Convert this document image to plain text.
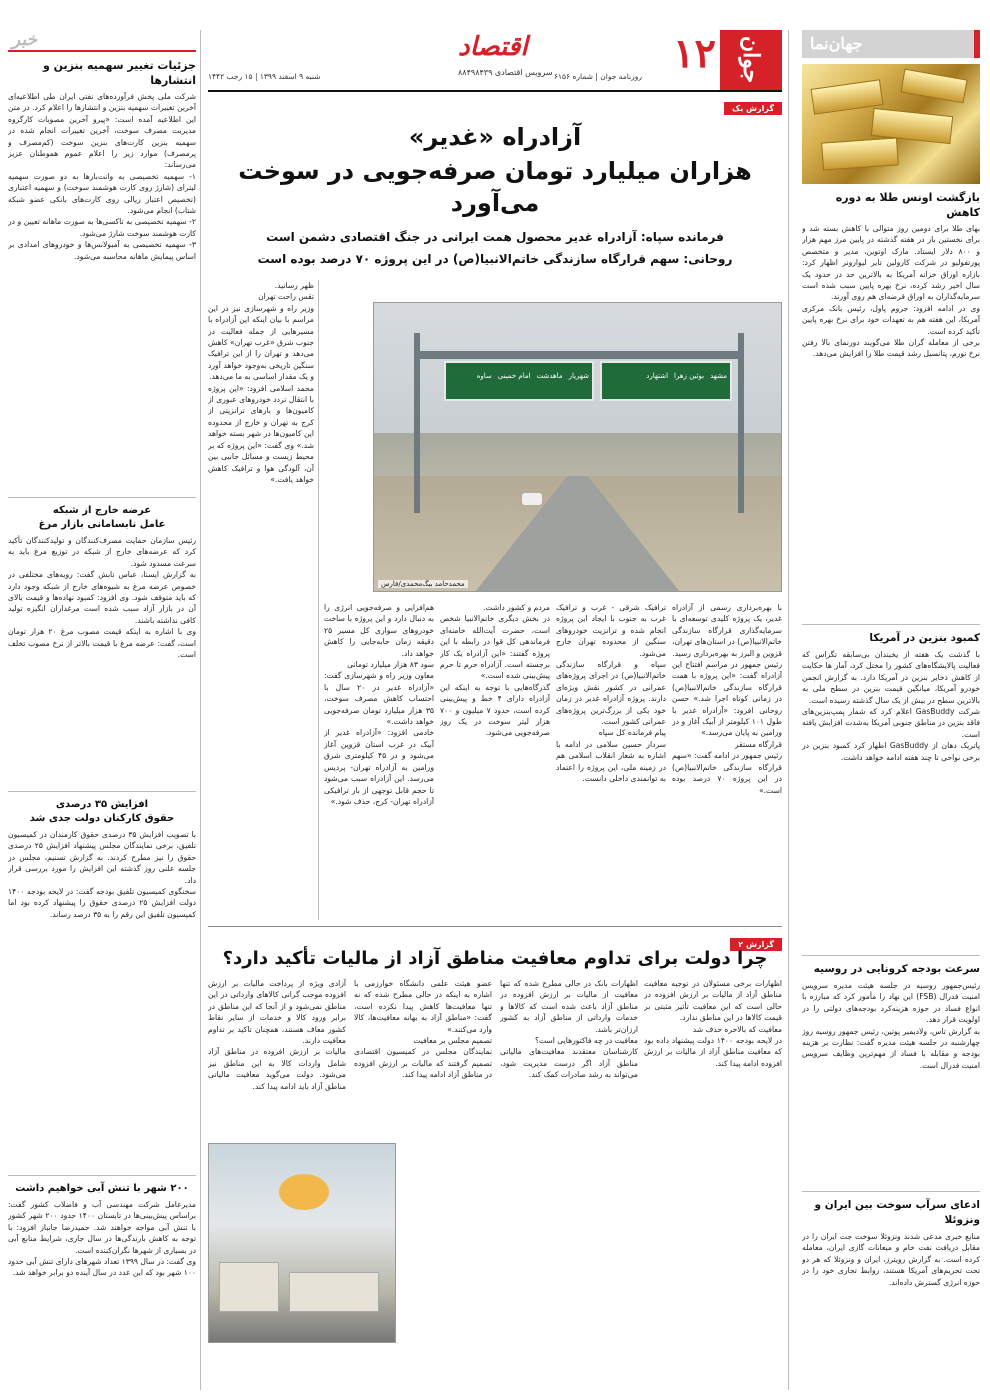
جهان‌نما
بازگشت اونس طلا به دوره کاهش
بهای طلا برای دومین روز متوالی با کاهش بسته شد و برای نخستین بار در هفته گذشته در پایین مرز مهم هزار و ۸۰۰ دلار ایستاد. مارک اوتوین، مدیر و متخصص پورتفولیو در شرکت کارولین تایر لیوارونر اظهار کرد: بازاره اوراق خزانه آمریکا به بالاترین حد در حدود یک سال اخیر رشد کرده، نرخ بهره پایین سبب شده است سرمایه‌گذاران به اوراق قرضه‌ای هم روی آورند.
وی در ادامه افزود: جروم پاول، رئیس بانک مرکزی آمریکا، این هفته هم به تعهدات خود برای نرخ بهره پایین تأکید کرده است.
برخی از معامله گران طلا می‌گویند دورنمای بالا رفتن نرخ تورم، پتانسیل رشد قیمت طلا را افزایش می‌دهد.
کمبود بنزین در آمریکا
با گذشت یک هفته از یخبندان بی‌سابقه تگزاس که فعالیت پالایشگاه‌های کشور را مختل کرد، آمار ها حکایت از کاهش ذخایر بنزین در آمریکا دارد. به گزارش انجمن خودرو آمریکا، میانگین قیمت بنزین در سطح ملی به بالاترین سطح در بیش از یک سال گذشته رسیده است.
شرکت GasBuddy اعلام کرد که شمار پمپ‌بنزین‌های فاقد بنزین در مناطق جنوبی آمریکا به‌شدت افزایش یافته است.
پاتریک دهان از GasBuddy اظهار کرد کمبود بنزین در برخی نواحی تا چند هفته ادامه خواهد داشت.
سرعت بودجه کرونایی در روسیه
رئیس‌جمهور روسیه در جلسه هیئت مدیره سرویس امنیت فدرال (FSB) این نهاد را مأمور کرد که مبارزه با انواع فساد در حوزه هزینه‌کرد بودجه‌های دولتی را در اولویت قرار دهد.
به گزارش تاس، ولادیمیر پوتین، رئیس جمهور روسیه روز چهارشنبه در جلسه هیئت مدیره گفت: نظارت بر هزینه بودجه و مقابله با فساد از مهم‌ترین وظایف سرویس امنیت فدرال است.
ادعای سرآب سوخت بین ایران و ونزوئلا
منابع خبری مدعی شدند ونزوئلا سوخت جت ایران را در مقابل دریافت نفت خام و میعانات گازی ایران، معامله کرده است. به گزارش رویترز، ایران و ونزوئلا که هر دو تحت تحریم‌های آمریکا هستند، روابط تجاری خود را در حوزه انرژی گسترش داده‌اند.
خبر
جزئیات تغییر سهمیه بنزین و انتشارها
شرکت ملی پخش فرآورده‌های نفتی ایران طی اطلاعیه‌ای آخرین تغییرات سهمیه بنزین و انتشارها را اعلام کرد. در متن این اطلاعیه آمده است: «پیرو آخرین مصوبات کارگروه مدیریت مصرف سوخت، آخرین تغییرات انجام شده در سهمیه بنزین کارت‌های بنزین سوخت (کم‌مصرف و پرمصرف) موارد زیر را اعلام عموم هموطنان عزیز می‌رساند:
۱- سهمیه تخصیصی به وانت‌بارها به دو صورت سهمیه لیترای (شارژ روی کارت هوشمند سوخت) و سهمیه اعتباری (تخصیص اعتبار ریالی روی کارت‌های بانکی عضو شبکه شتاب) انجام می‌شود.
۲- سهمیه تخصیصی به تاکسی‌ها به صورت ماهانه تعیین و در کارت هوشمند سوخت شارژ می‌شود.
۳- سهمیه تخصیصی به آمبولانس‌ها و خودروهای امدادی بر اساس پیمایش ماهانه محاسبه می‌شود.
عرضه خارج از شبکه
عامل نابسامانی بازار مرغ
رئیس سازمان حمایت مصرف‌کنندگان و تولیدکنندگان تأکید کرد که عرضه‌های خارج از شبکه در توزیع مرغ باید به سرعت مسدود شود.
به گزارش ایسنا، عباس تابش گفت: رویه‌های مختلفی در خصوص عرضه مرغ به شیوه‌های خارج از شبکه وجود دارد که باید متوقف شود. وی افزود: کمبود نهاده‌ها و قیمت بالای آن در بازار آزاد سبب شده است مرغداران انگیزه تولید کافی نداشته باشند.
وی با اشاره به اینکه قیمت مصوب مرغ ۲۰ هزار تومان است، گفت: عرضه مرغ با قیمت بالاتر از نرخ مصوب تخلف است.
افزایش ۳۵ درصدی
حقوق کارکنان دولت جدی شد
با تصویب افزایش ۳۵ درصدی حقوق کارمندان در کمیسیون تلفیق، برخی نمایندگان مجلس پیشنهاد افزایش ۲۵ درصدی حقوق را نیز مطرح کردند. به گزارش تسنیم، مجلس در جلسه علنی روز گذشته این افزایش را مورد بررسی قرار داد.
سخنگوی کمیسیون تلفیق بودجه گفت: در لایحه بودجه ۱۴۰۰ دولت افزایش ۲۵ درصدی حقوق را پیشنهاد کرده بود اما کمیسیون تلفیق این رقم را به ۳۵ درصد رساند.
۲۰۰ شهر با تنش آبی خواهیم داشت
مدیرعامل شرکت مهندسی آب و فاضلاب کشور گفت: براساس پیش‌بینی‌ها در تابستان ۱۴۰۰ حدود ۲۰۰ شهر کشور با تنش آبی مواجه خواهند شد. حمیدرضا جانباز افزود: با توجه به کاهش بارندگی‌ها در سال جاری، شرایط منابع آبی در بسیاری از شهرها نگران‌کننده است.
وی گفت: در سال ۱۳۹۹ تعداد شهرهای دارای تنش آبی حدود ۱۰۰ شهر بود که این عدد در سال آینده دو برابر خواهد شد.
جوان
۱۲
اقتصاد
سرویس اقتصادی ۸۸۴۹۸۴۳۹ روزنامه جوان | شماره ۶۱۵۶
شنبه ۹ اسفند ۱۳۹۹ | ۱۵ رجب ۱۴۴۲
گزارش یک
آزادراه «غدیر»
هزاران میلیارد تومان صرفه‌جویی در سوخت می‌آورد
فرمانده سپاه: آزادراه غدیر محصول همت ایرانی در جنگ اقتصادی دشمن است
روحانی: سهم قرارگاه سازندگی خاتم‌الانبیا(ص) در این پروژه ۷۰ درصد بوده است
ظهر رسانید.
تقس راحت تهران
وزیر راه و شهرسازی نیز در این مراسم با بیان اینکه این آزادراه با مسیرهایی از جمله فعالیت در جنوب شرق «غرب تهران» کاهش می‌دهد و تهران را از این ترافیک سنگین تاریخی به‌وجود خواهد آورد و یک مقدار اساسی به ما می‌دهد.
محمد اسلامی افزود: «این پروژه با انتقال تردد خودروهای عبوری از کامیون‌ها و بارهای ترانزیتی از کرج به تهران و خارج از محدوده این کامیون‌ها در شهر بسته خواهد شد.» وی گفت: «این پروژه که بر محیط زیست و مسائل جانبی بین آن، آلودگی هوا و ترافیک کاهش خواهد یافت.»
شهریارماهدشتامام خمینیساوه	مشهدبوئین زهرااشتهارد
محمدحامد بیگ‌محمدی/فارس
هم‌افزایی و صرفه‌جویی انرژی را به دنبال دارد و این پروژه با ساخت خودروهای سواری کل مسیر ۲۵ دقیقه زمان جابه‌جایی را کاهش خواهد داد.
سود ۸۳ هزار میلیارد تومانی
معاون وزیر راه و شهرسازی گفت: «آزادراه غدیر در ۲۰ سال با احتساب کاهش مصرف سوخت، ۳۵ هزار میلیارد تومان صرفه‌جویی خواهد داشت.»
خادمی افزود: «آزادراه غدیر از آبیک در غرب استان قزوین آغاز می‌شود و در ۴۵ کیلومتری شرق ورامین به آزادراه تهران- پردیس می‌رسد. این آزادراه سبب می‌شود تا حجم قابل توجهی از بار ترافیکی آزادراه تهران- کرج، حذف شود.»
مردم و کشور داشت.
در بخش دیگری خاتم‌الانبیا شخص است، حضرت آیت‌الله خامنه‌ای فرماندهی کل قوا در رابطه با این پروژه گفتند: «این آزادراه یک کار برجسته است. آزادراه حرم تا حرم پیش‌بینی شده است.»
گذرگاه‌هایی با توجه به اینکه این آزادراه دارای ۴ خط و پیش‌بینی کرده است، حدود ۷ میلیون و ۷۰۰ هزار لیتر سوخت در یک روز صرفه‌جویی می‌شود.
ترافیک شرقی - غرب و ترافیک غرب به جنوب با ایجاد این پروژه انجام شده و ترانزیت خودروهای سنگین از محدوده تهران خارج می‌شود.
سپاه و قرارگاه سازندگی خاتم‌الانبیا(ص) در اجرای پروژه‌های عمرانی در کشور نقش ویژه‌ای دارند. پروژه آزادراه غدیر در زمان خود یکی از بزرگ‌ترین پروژه‌های عمرانی کشور است.
پیام فرمانده کل سپاه
سردار حسین سلامی در ادامه با اشاره به شعار انقلاب اسلامی هم در زمینه ملی، این پروژه را اعتماد به توانمندی داخلی دانست.
با بهره‌برداری رسمی از آزادراه غدیر، یک پروژه کلیدی توسعه‌ای با سرمایه‌گذاری قرارگاه سازندگی خاتم‌الانبیا(ص) در استان‌های تهران، قزوین و البرز به بهره‌برداری رسید.
رئیس جمهور در مراسم افتتاح این آزادراه گفت: «این پروژه با همت قرارگاه سازندگی خاتم‌الانبیا(ص) در زمانی کوتاه اجرا شد.» حسن روحانی افزود: «آزادراه غدیر با طول ۱۰۱ کیلومتر از آبیک آغاز و در ورامین به پایان می‌رسد.»
قرارگاه مستقر
رئیس جمهور در ادامه گفت: «سهم قرارگاه سازندگی خاتم‌الانبیا(ص) در این پروژه ۷۰ درصد بوده است.»
گزارش ۲
چرا دولت برای تداوم معافیت مناطق آزاد از مالیات تأکید دارد؟
آزادی ویژه از پرداخت مالیات بر ارزش افزوده موجب گرانی کالاهای وارداتی در این مناطق نمی‌شود و از آنجا که این مناطق در برابر ورود کالا و خدمات از سایر نقاط کشور معاف هستند، همچنان تاکید بر تداوم معافیت دارند.
مالیات بر ارزش افزوده در مناطق آزاد شامل واردات کالا به این مناطق نیز می‌شود. دولت می‌گوید معافیت مالیاتی مناطق آزاد باید ادامه پیدا کند.
عضو هیئت علمی دانشگاه خوارزمی با اشاره به اینکه در حالی مطرح شده که نه تنها معافیت‌ها کاهش پیدا نکرده است، گفت: «مناطق آزاد به بهانه معافیت‌ها، کالا وارد می‌کنند.»
تصمیم مجلس بر معافیت
نمایندگان مجلس در کمیسیون اقتصادی تصمیم گرفتند که مالیات بر ارزش افزوده در مناطق آزاد ادامه پیدا کند.
اظهارات بانک در حالی مطرح شده که تنها معافیت از مالیات بر ارزش افزوده در مناطق آزاد باعث شده است که کالاها و خدمات وارداتی از مناطق آزاد به کشور ارزان‌تر باشد.
معافیت در چه فاکتورهایی است؟
کارشناسان معتقدند معافیت‌های مالیاتی مناطق آزاد اگر درست مدیریت شود، می‌تواند به رشد صادرات کمک کند.
اظهارات برخی مسئولان در توجیه معافیت مناطق آزاد از مالیات بر ارزش افزوده در حالی است که این معافیت تأثیر مثبتی بر قیمت کالاها در این مناطق ندارد.
معافیت که بالاخره حذف شد
در لایحه بودجه ۱۴۰۰ دولت پیشنهاد داده بود که معافیت مناطق آزاد از مالیات بر ارزش افزوده ادامه پیدا کند.
